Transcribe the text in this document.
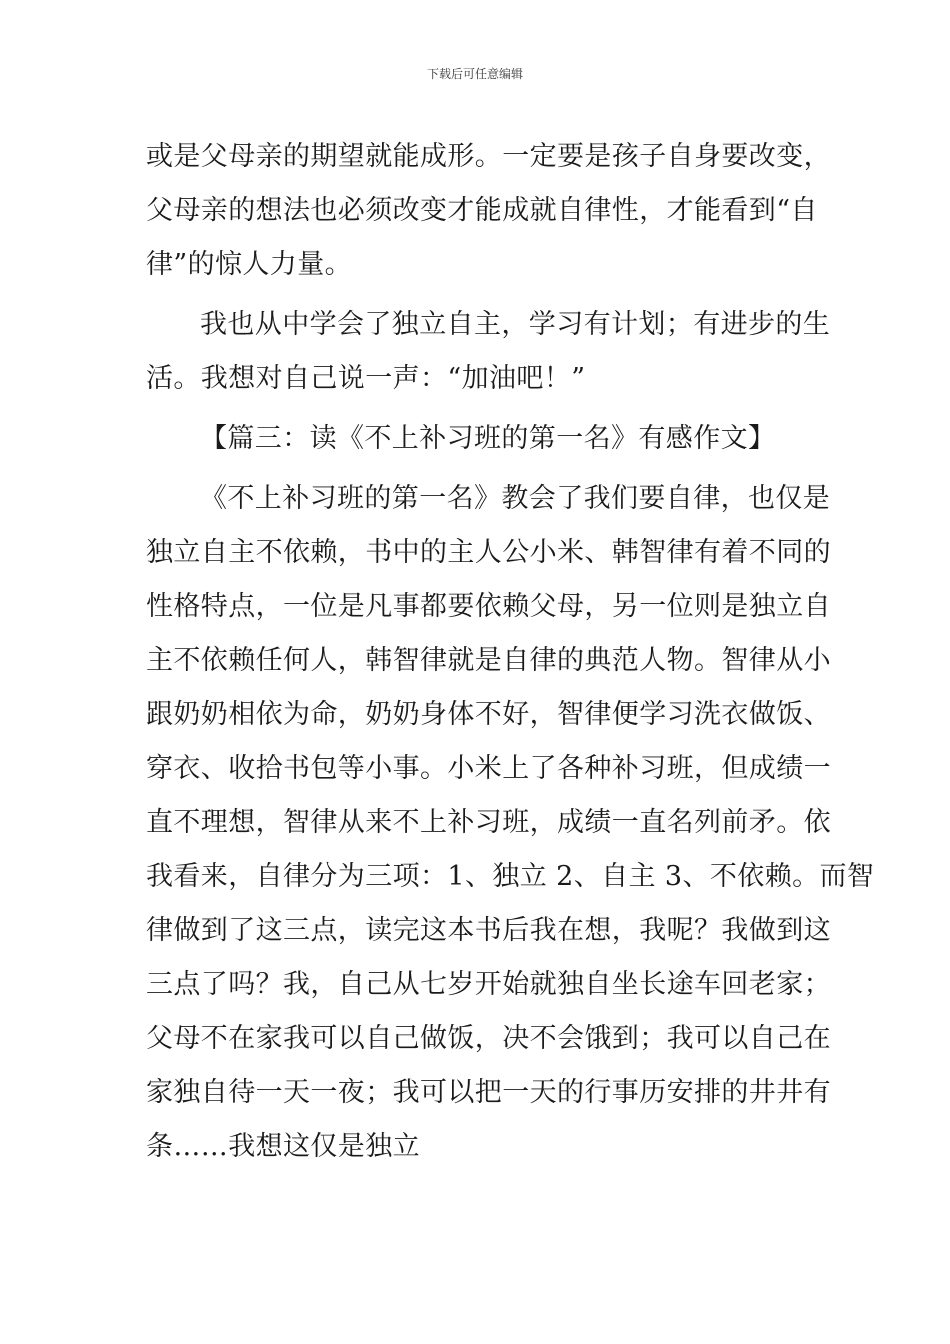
下载后可任意编辑
或是父母亲的期望就能成形。一定要是孩子自身要改变，
父母亲的想法也必须改变才能成就自律性，才能看到“自
律”的惊人力量。
我也从中学会了独立自主，学习有计划；有进步的生
活。我想对自己说一声：“加油吧！”
【篇三：读《不上补习班的第一名》有感作文】
《不上补习班的第一名》教会了我们要自律，也仅是
独立自主不依赖，书中的主人公小米、韩智律有着不同的
性格特点，一位是凡事都要依赖父母，另一位则是独立自
主不依赖任何人，韩智律就是自律的典范人物。智律从小
跟奶奶相依为命，奶奶身体不好，智律便学习洗衣做饭、
穿衣、收拾书包等小事。小米上了各种补习班，但成绩一
直不理想，智律从来不上补习班，成绩一直名列前矛。依
我看来，自律分为三项：1、独立 2、自主 3、不依赖。而智
律做到了这三点，读完这本书后我在想，我呢？我做到这
三点了吗？我，自己从七岁开始就独自坐长途车回老家；
父母不在家我可以自己做饭，决不会饿到；我可以自己在
家独自待一天一夜；我可以把一天的行事历安排的井井有
条……我想这仅是独立
